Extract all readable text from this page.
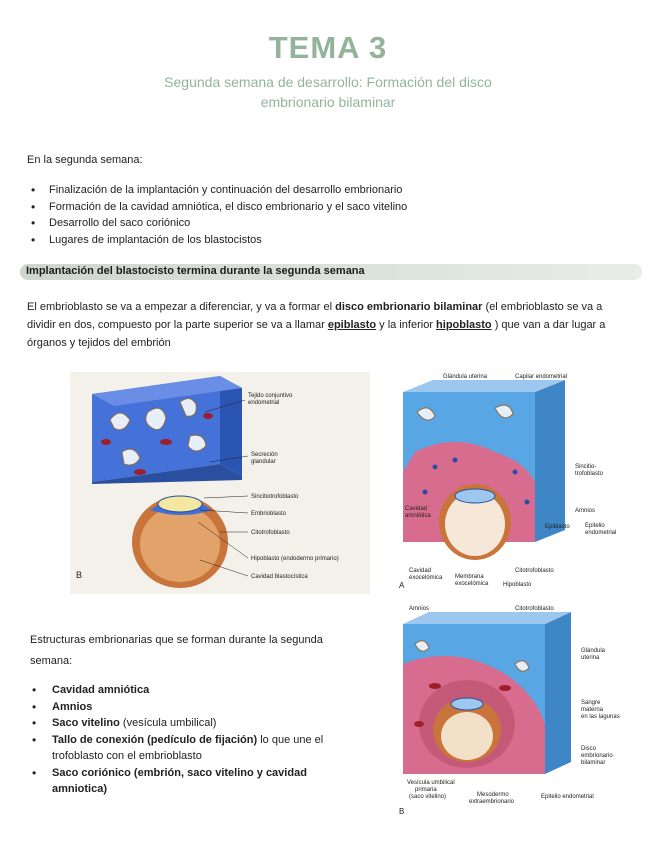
TEMA 3
Segunda semana de desarrollo: Formación del disco
embrionario bilaminar
En la segunda semana:
• Finalización de la implantación y continuación del desarrollo embrionario
• Formación de la cavidad amniótica, el disco embrionario y el saco vitelino
• Desarrollo del saco coriónico
• Lugares de implantación de los blastocistos
Implantación del blastocisto termina durante la segunda semana
El embrioblasto se va a empezar a diferenciar, y va a formar el disco embrionario bilaminar (el embrioblasto se va a dividir en dos, compuesto por la parte superior se va a llamar epiblasto y la inferior hipoblasto ) que van a dar lugar a órganos y tejidos del embrión
Tejido conjuntivo
endometrial
Secreción
glandular
Sincitiotrofoblasto
Embrioblasto
Citotrofoblasto
Hipoblasto (endodermo primario)
Cavidad blastocística
B
Glándula uterina	Capilar endometrial
Sincitio-
trofoblasto
Amnios
Cavidad
amniótica
Epiblasto	Epitelio
endometrial
Cavidad
exocelómica Membrana
exocelómica
Citotrofoblasto
Hipoblasto
A
Amnios	Citotrofoblasto
Glándula
uterina
Sangre
materna
en las lagunas
Disco
embrionario
bilaminar
Vesícula umbilical
primaria
(saco vitelino)	Mesodermo
extraembrionario
Epitelio endometrial
B
Estructuras embrionarias que se forman durante la segunda semana:
• Cavidad amniótica
• Amnios
• Saco vitelino (vesícula umbilical)
• Tallo de conexión (pedículo de fijación) lo que une el trofoblasto con el embrioblasto
• Saco coriónico (embrión, saco vitelino y cavidad amniotica)
